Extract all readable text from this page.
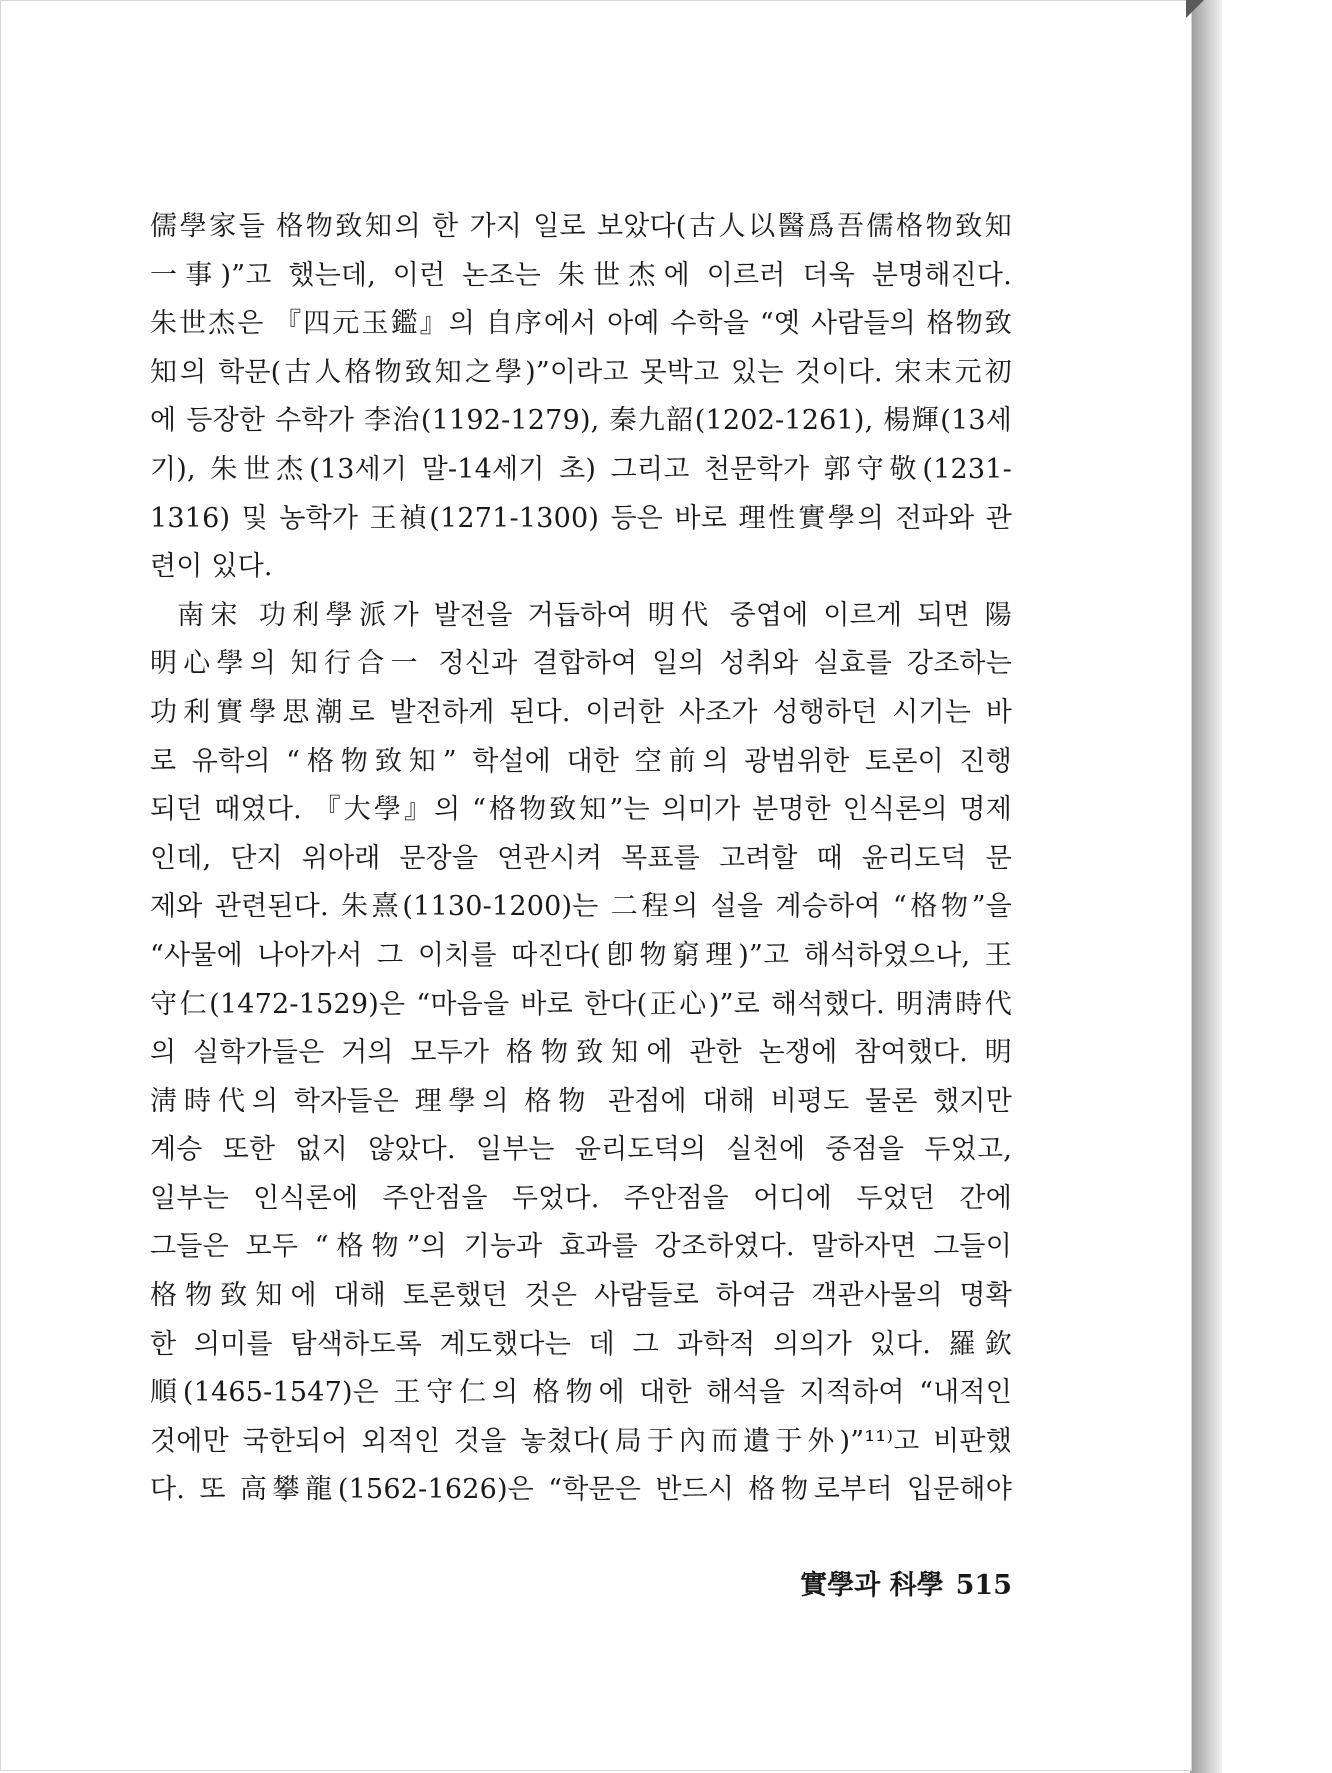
儒學家들 格物致知의 한 가지 일로 보았다(古人以醫爲吾儒格物致知
一事)”고 했는데, 이런 논조는 朱世杰에 이르러 더욱 분명해진다.
朱世杰은 『四元玉鑑』의 自序에서 아예 수학을 “옛 사람들의 格物致
知의 학문(古人格物致知之學)”이라고 못박고 있는 것이다. 宋末元初
에 등장한 수학가 李治(1192-1279), 秦九韶(1202-1261), 楊輝(13세
기), 朱世杰(13세기 말-14세기 초) 그리고 천문학가 郭守敬(1231-
1316) 및 농학가 王禎(1271-1300) 등은 바로 理性實學의 전파와 관
련이 있다.
南宋 功利學派가 발전을 거듭하여 明代 중엽에 이르게 되면 陽
明心學의 知行合一 정신과 결합하여 일의 성취와 실효를 강조하는
功利實學思潮로 발전하게 된다. 이러한 사조가 성행하던 시기는 바
로 유학의 “格物致知” 학설에 대한 空前의 광범위한 토론이 진행
되던 때였다. 『大學』의 “格物致知”는 의미가 분명한 인식론의 명제
인데, 단지 위아래 문장을 연관시켜 목표를 고려할 때 윤리도덕 문
제와 관련된다. 朱熹(1130-1200)는 二程의 설을 계승하여 “格物”을
“사물에 나아가서 그 이치를 따진다(卽物窮理)”고 해석하였으나, 王
守仁(1472-1529)은 “마음을 바로 한다(正心)”로 해석했다. 明淸時代
의 실학가들은 거의 모두가 格物致知에 관한 논쟁에 참여했다. 明
淸時代의 학자들은 理學의 格物 관점에 대해 비평도 물론 했지만
계승 또한 없지 않았다. 일부는 윤리도덕의 실천에 중점을 두었고,
일부는 인식론에 주안점을 두었다. 주안점을 어디에 두었던 간에
그들은 모두 “格物”의 기능과 효과를 강조하였다. 말하자면 그들이
格物致知에 대해 토론했던 것은 사람들로 하여금 객관사물의 명확
한 의미를 탐색하도록 계도했다는 데 그 과학적 의의가 있다. 羅欽
順(1465-1547)은 王守仁의 格物에 대한 해석을 지적하여 “내적인
것에만 국한되어 외적인 것을 놓쳤다(局于內而遺于外)”¹¹⁾고 비판했
다. 또 高攀龍(1562-1626)은 “학문은 반드시 格物로부터 입문해야
實學과 科學 515
